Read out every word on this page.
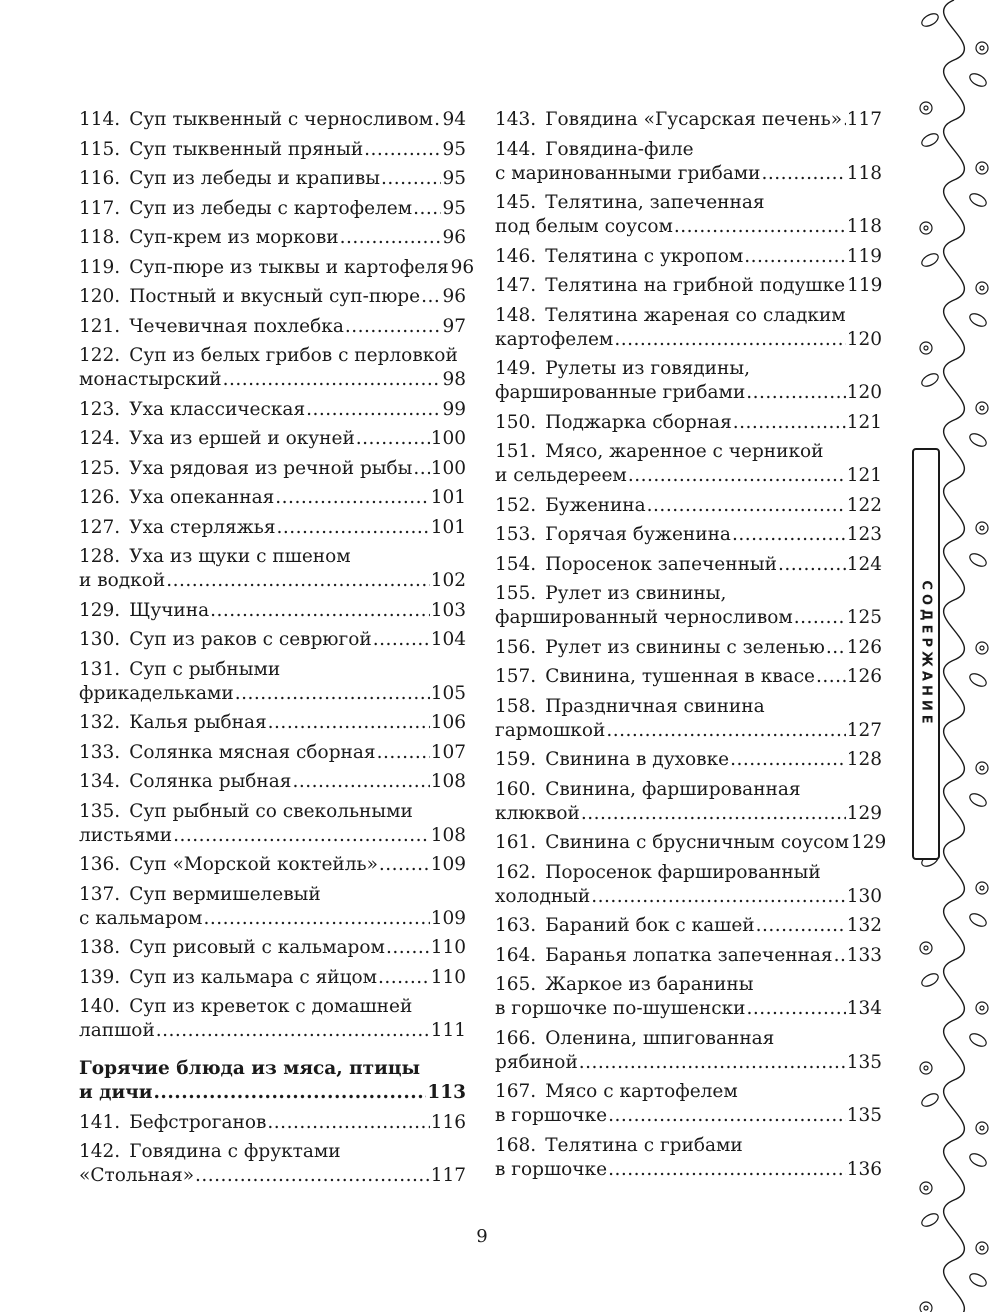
114. Суп тыквенный с черносливом ..... 94
115. Суп тыквенный пряный .....	95
116. Суп из лебеды и крапивы .....	95
117. Суп из лебеды с картофелем ..... 95
118. Суп-крем из моркови .....	96
119. Суп-пюре из тыквы и картофеля 96
120. Постный и вкусный суп-пюре ..... 96
121. Чечевичная похлебка .....	97
122. Суп из белых грибов с перловкой
монастырский .....	98
123. Уха классическая .....	99
124. Уха из ершей и окуней .....	100
125. Уха рядовая из речной рыбы ..... 100
126. Уха опеканная .....	101
127. Уха стерляжья .....	101
128. Уха из щуки с пшеном
и водкой .....	102
129. Щучина .....	103
130. Суп из раков с севрюгой .....	104
131. Суп с рыбными
фрикадельками .....	105
132. Калья рыбная .....	106
133. Солянка мясная сборная .....	107
134. Солянка рыбная .....	108
135. Суп рыбный со свекольными
листьями .....	108
136. Суп «Морской коктейль» .....	109
137. Суп вермишелевый
с кальмаром .....	109
138. Суп рисовый с кальмаром ..... 110
139. Суп из кальмара с яйцом .....	110
140. Суп из креветок с домашней
лапшой .....	111
Горячие блюда из мяса, птицы
и дичи .....	113
141. Бефстроганов .....	116
142. Говядина с фруктами
«Стольная» .....	117
143. Говядина «Гусарская печень» ..... 117
144. Говядина-филе
с маринованными грибами .....	118
145. Телятина, запеченная
под белым соусом .....	118
146. Телятина с укропом .....	119
147. Телятина на грибной подушке 119
148. Телятина жареная со сладким
картофелем .....	120
149. Рулеты из говядины,
фаршированные грибами .....	120
150. Поджарка сборная .....	121
151. Мясо, жаренное с черникой
и сельдереем .....	121
152. Буженина .....	122
153. Горячая буженина .....	123
154. Поросенок запеченный .....	124
155. Рулет из свинины,
фаршированный черносливом .....	125
156. Рулет из свинины с зеленью ..... 126
157. Свинина, тушенная в квасе ..... 126
158. Праздничная свинина
гармошкой .....	127
159. Свинина в духовке .....	128
160. Свинина, фаршированная
клюквой .....	129
161. Свинина с брусничным соусом 129
162. Поросенок фаршированный
холодный .....	130
163. Бараний бок с кашей .....	132
164. Баранья лопатка запеченная ..... 133
165. Жаркое из баранины
в горшочке по-шушенски .....	134
166. Оленина, шпигованная
рябиной .....	135
167. Мясо с картофелем
в горшочке .....	135
168. Телятина с грибами
в горшочке .....	136
9
СОДЕРЖАНИЕ
